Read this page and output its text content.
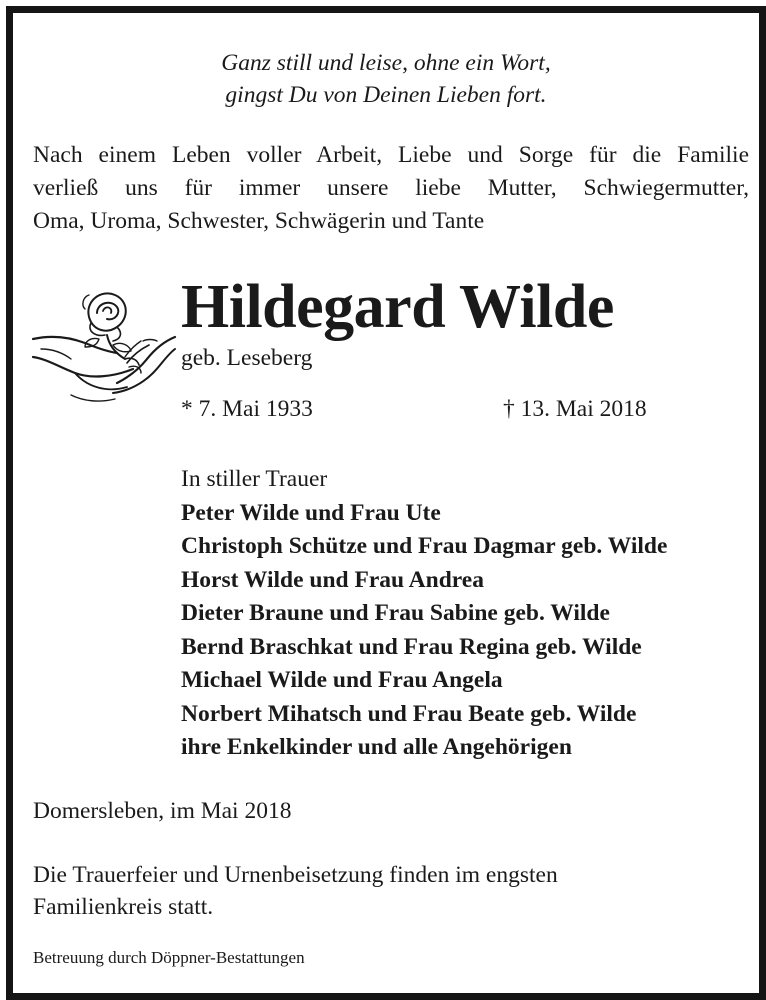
Ganz still und leise, ohne ein Wort,
gingst Du von Deinen Lieben fort.
Nach einem Leben voller Arbeit, Liebe und Sorge für die Familie
verließ uns für immer unsere liebe Mutter, Schwiegermutter,
Oma, Uroma, Schwester, Schwägerin und Tante
Hildegard Wilde
geb. Leseberg
* 7. Mai 1933	† 13. Mai 2018
In stiller Trauer
Peter Wilde und Frau Ute
Christoph Schütze und Frau Dagmar geb. Wilde
Horst Wilde und Frau Andrea
Dieter Braune und Frau Sabine geb. Wilde
Bernd Braschkat und Frau Regina geb. Wilde
Michael Wilde und Frau Angela
Norbert Mihatsch und Frau Beate geb. Wilde
ihre Enkelkinder und alle Angehörigen
Domersleben, im Mai 2018
Die Trauerfeier und Urnenbeisetzung finden im engsten
Familienkreis statt.
Betreuung durch Döppner-Bestattungen
